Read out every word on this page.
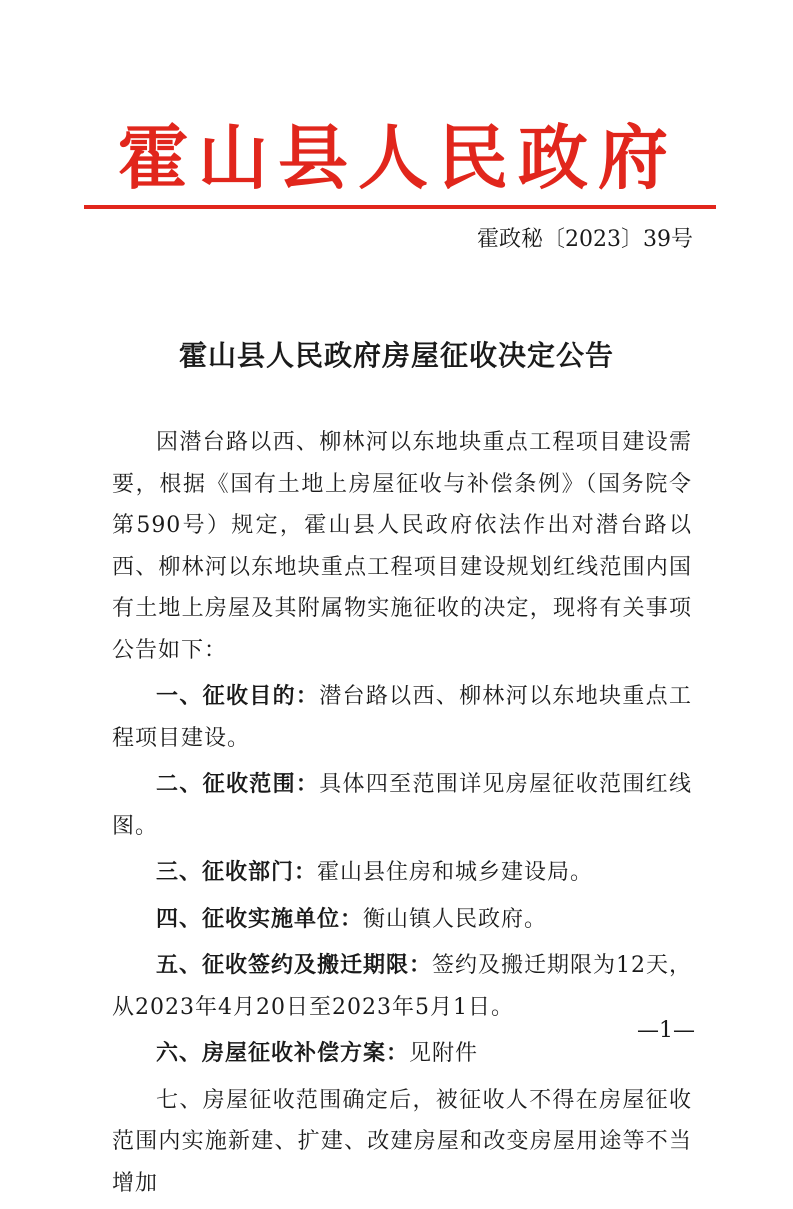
霍山县人民政府
霍政秘〔2023〕39号
霍山县人民政府房屋征收决定公告

因潜台路以西、柳林河以东地块重点工程项目建设需要，根据《国有土地上房屋征收与补偿条例》（国务院令第590号）规定，霍山县人民政府依法作出对潜台路以西、柳林河以东地块重点工程项目建设规划红线范围内国有土地上房屋及其附属物实施征收的决定，现将有关事项公告如下：

一、征收目的：潜台路以西、柳林河以东地块重点工程项目建设。

二、征收范围：具体四至范围详见房屋征收范围红线图。

三、征收部门：霍山县住房和城乡建设局。

四、征收实施单位：衡山镇人民政府。

五、征收签约及搬迁期限：签约及搬迁期限为12天，从2023年4月20日至2023年5月1日。

六、房屋征收补偿方案：见附件

七、房屋征收范围确定后，被征收人不得在房屋征收范围内实施新建、扩建、改建房屋和改变房屋用途等不当增加

—1—
